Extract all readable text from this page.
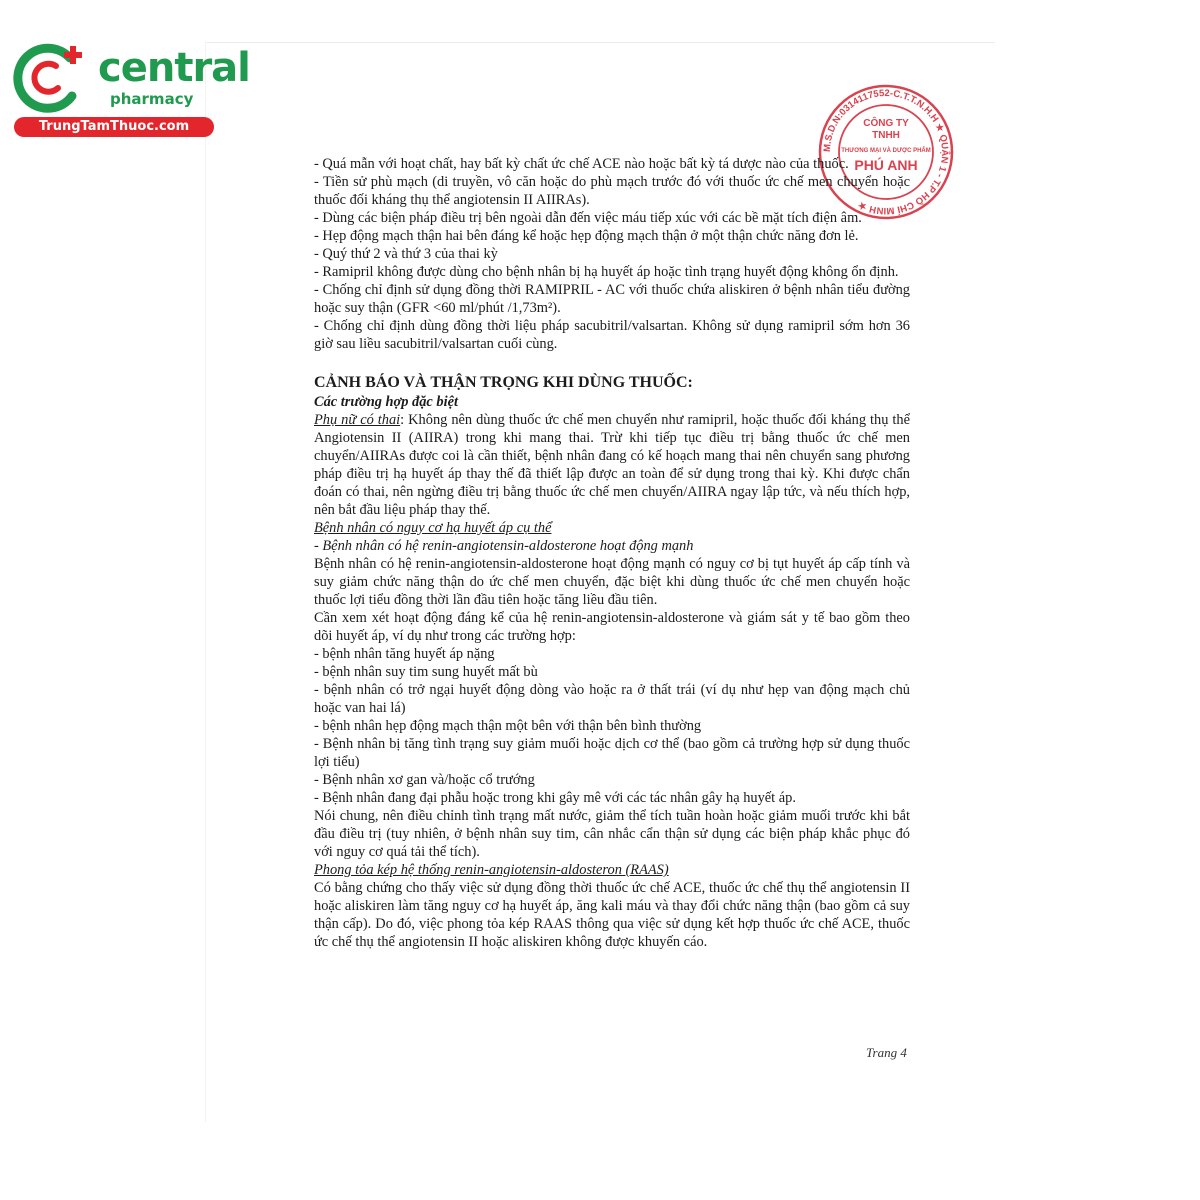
central
pharmacy
TrungTamThuoc.com
M.S.D.N:0314117552-C.T.T.N.H.H ★ QUẬN 1 - T.P HỒ CHÍ MINH ★
CÔNG TY
TNHH
THƯƠNG MẠI VÀ DƯỢC PHẨM
PHÚ ANH

- Quá mẫn với hoạt chất, hay bất kỳ chất ức chế ACE nào hoặc bất kỳ tá dược nào của thuốc.

- Tiền sử phù mạch (di truyền, vô căn hoặc do phù mạch trước đó với thuốc ức chế men chuyển hoặc thuốc đối kháng thụ thể angiotensin II AIIRAs).

- Dùng các biện pháp điều trị bên ngoài dẫn đến việc máu tiếp xúc với các bề mặt tích điện âm.

- Hẹp động mạch thận hai bên đáng kể hoặc hẹp động mạch thận ở một thận chức năng đơn lẻ.

- Quý thứ 2 và thứ 3 của thai kỳ

- Ramipril không được dùng cho bệnh nhân bị hạ huyết áp hoặc tình trạng huyết động không ổn định.

- Chống chỉ định sử dụng đồng thời RAMIPRIL - AC với thuốc chứa aliskiren ở bệnh nhân tiểu đường hoặc suy thận (GFR <60 ml/phút /1,73m²).

- Chống chỉ định dùng đồng thời liệu pháp sacubitril/valsartan. Không sử dụng ramipril sớm hơn 36 giờ sau liều sacubitril/valsartan cuối cùng.

CẢNH BÁO VÀ THẬN TRỌNG KHI DÙNG THUỐC:

Các trường hợp đặc biệt

Phụ nữ có thai: Không nên dùng thuốc ức chế men chuyển như ramipril, hoặc thuốc đối kháng thụ thể Angiotensin II (AIIRA) trong khi mang thai. Trừ khi tiếp tục điều trị bằng thuốc ức chế men chuyển/AIIRAs được coi là cần thiết, bệnh nhân đang có kế hoạch mang thai nên chuyển sang phương pháp điều trị hạ huyết áp thay thế đã thiết lập được an toàn để sử dụng trong thai kỳ. Khi được chẩn đoán có thai, nên ngừng điều trị bằng thuốc ức chế men chuyển/AIIRA ngay lập tức, và nếu thích hợp, nên bắt đầu liệu pháp thay thế.

Bệnh nhân có nguy cơ hạ huyết áp cụ thể

- Bệnh nhân có hệ renin-angiotensin-aldosterone hoạt động mạnh

Bệnh nhân có hệ renin-angiotensin-aldosterone hoạt động mạnh có nguy cơ bị tụt huyết áp cấp tính và suy giảm chức năng thận do ức chế men chuyển, đặc biệt khi dùng thuốc ức chế men chuyển hoặc thuốc lợi tiểu đồng thời lần đầu tiên hoặc tăng liều đầu tiên.

Cần xem xét hoạt động đáng kể của hệ renin-angiotensin-aldosterone và giám sát y tế bao gồm theo dõi huyết áp, ví dụ như trong các trường hợp:

- bệnh nhân tăng huyết áp nặng

- bệnh nhân suy tim sung huyết mất bù

- bệnh nhân có trở ngại huyết động dòng vào hoặc ra ở thất trái (ví dụ như hẹp van động mạch chủ hoặc van hai lá)

- bệnh nhân hẹp động mạch thận một bên với thận bên bình thường

- Bệnh nhân bị tăng tình trạng suy giảm muối hoặc dịch cơ thể (bao gồm cả trường hợp sử dụng thuốc lợi tiểu)

- Bệnh nhân xơ gan và/hoặc cổ trướng

- Bệnh nhân đang đại phẫu hoặc trong khi gây mê với các tác nhân gây hạ huyết áp.

Nói chung, nên điều chỉnh tình trạng mất nước, giảm thể tích tuần hoàn hoặc giảm muối trước khi bắt đầu điều trị (tuy nhiên, ở bệnh nhân suy tim, cân nhắc cẩn thận sử dụng các biện pháp khắc phục đó với nguy cơ quá tải thể tích).

Phong tỏa kép hệ thống renin-angiotensin-aldosteron (RAAS)

Có bằng chứng cho thấy việc sử dụng đồng thời thuốc ức chế ACE, thuốc ức chế thụ thể angiotensin II hoặc aliskiren làm tăng nguy cơ hạ huyết áp, ăng kali máu và thay đổi chức năng thận (bao gồm cả suy thận cấp). Do đó, việc phong tỏa kép RAAS thông qua việc sử dụng kết hợp thuốc ức chế ACE, thuốc ức chế thụ thể angiotensin II hoặc aliskiren không được khuyến cáo.

Trang 4
